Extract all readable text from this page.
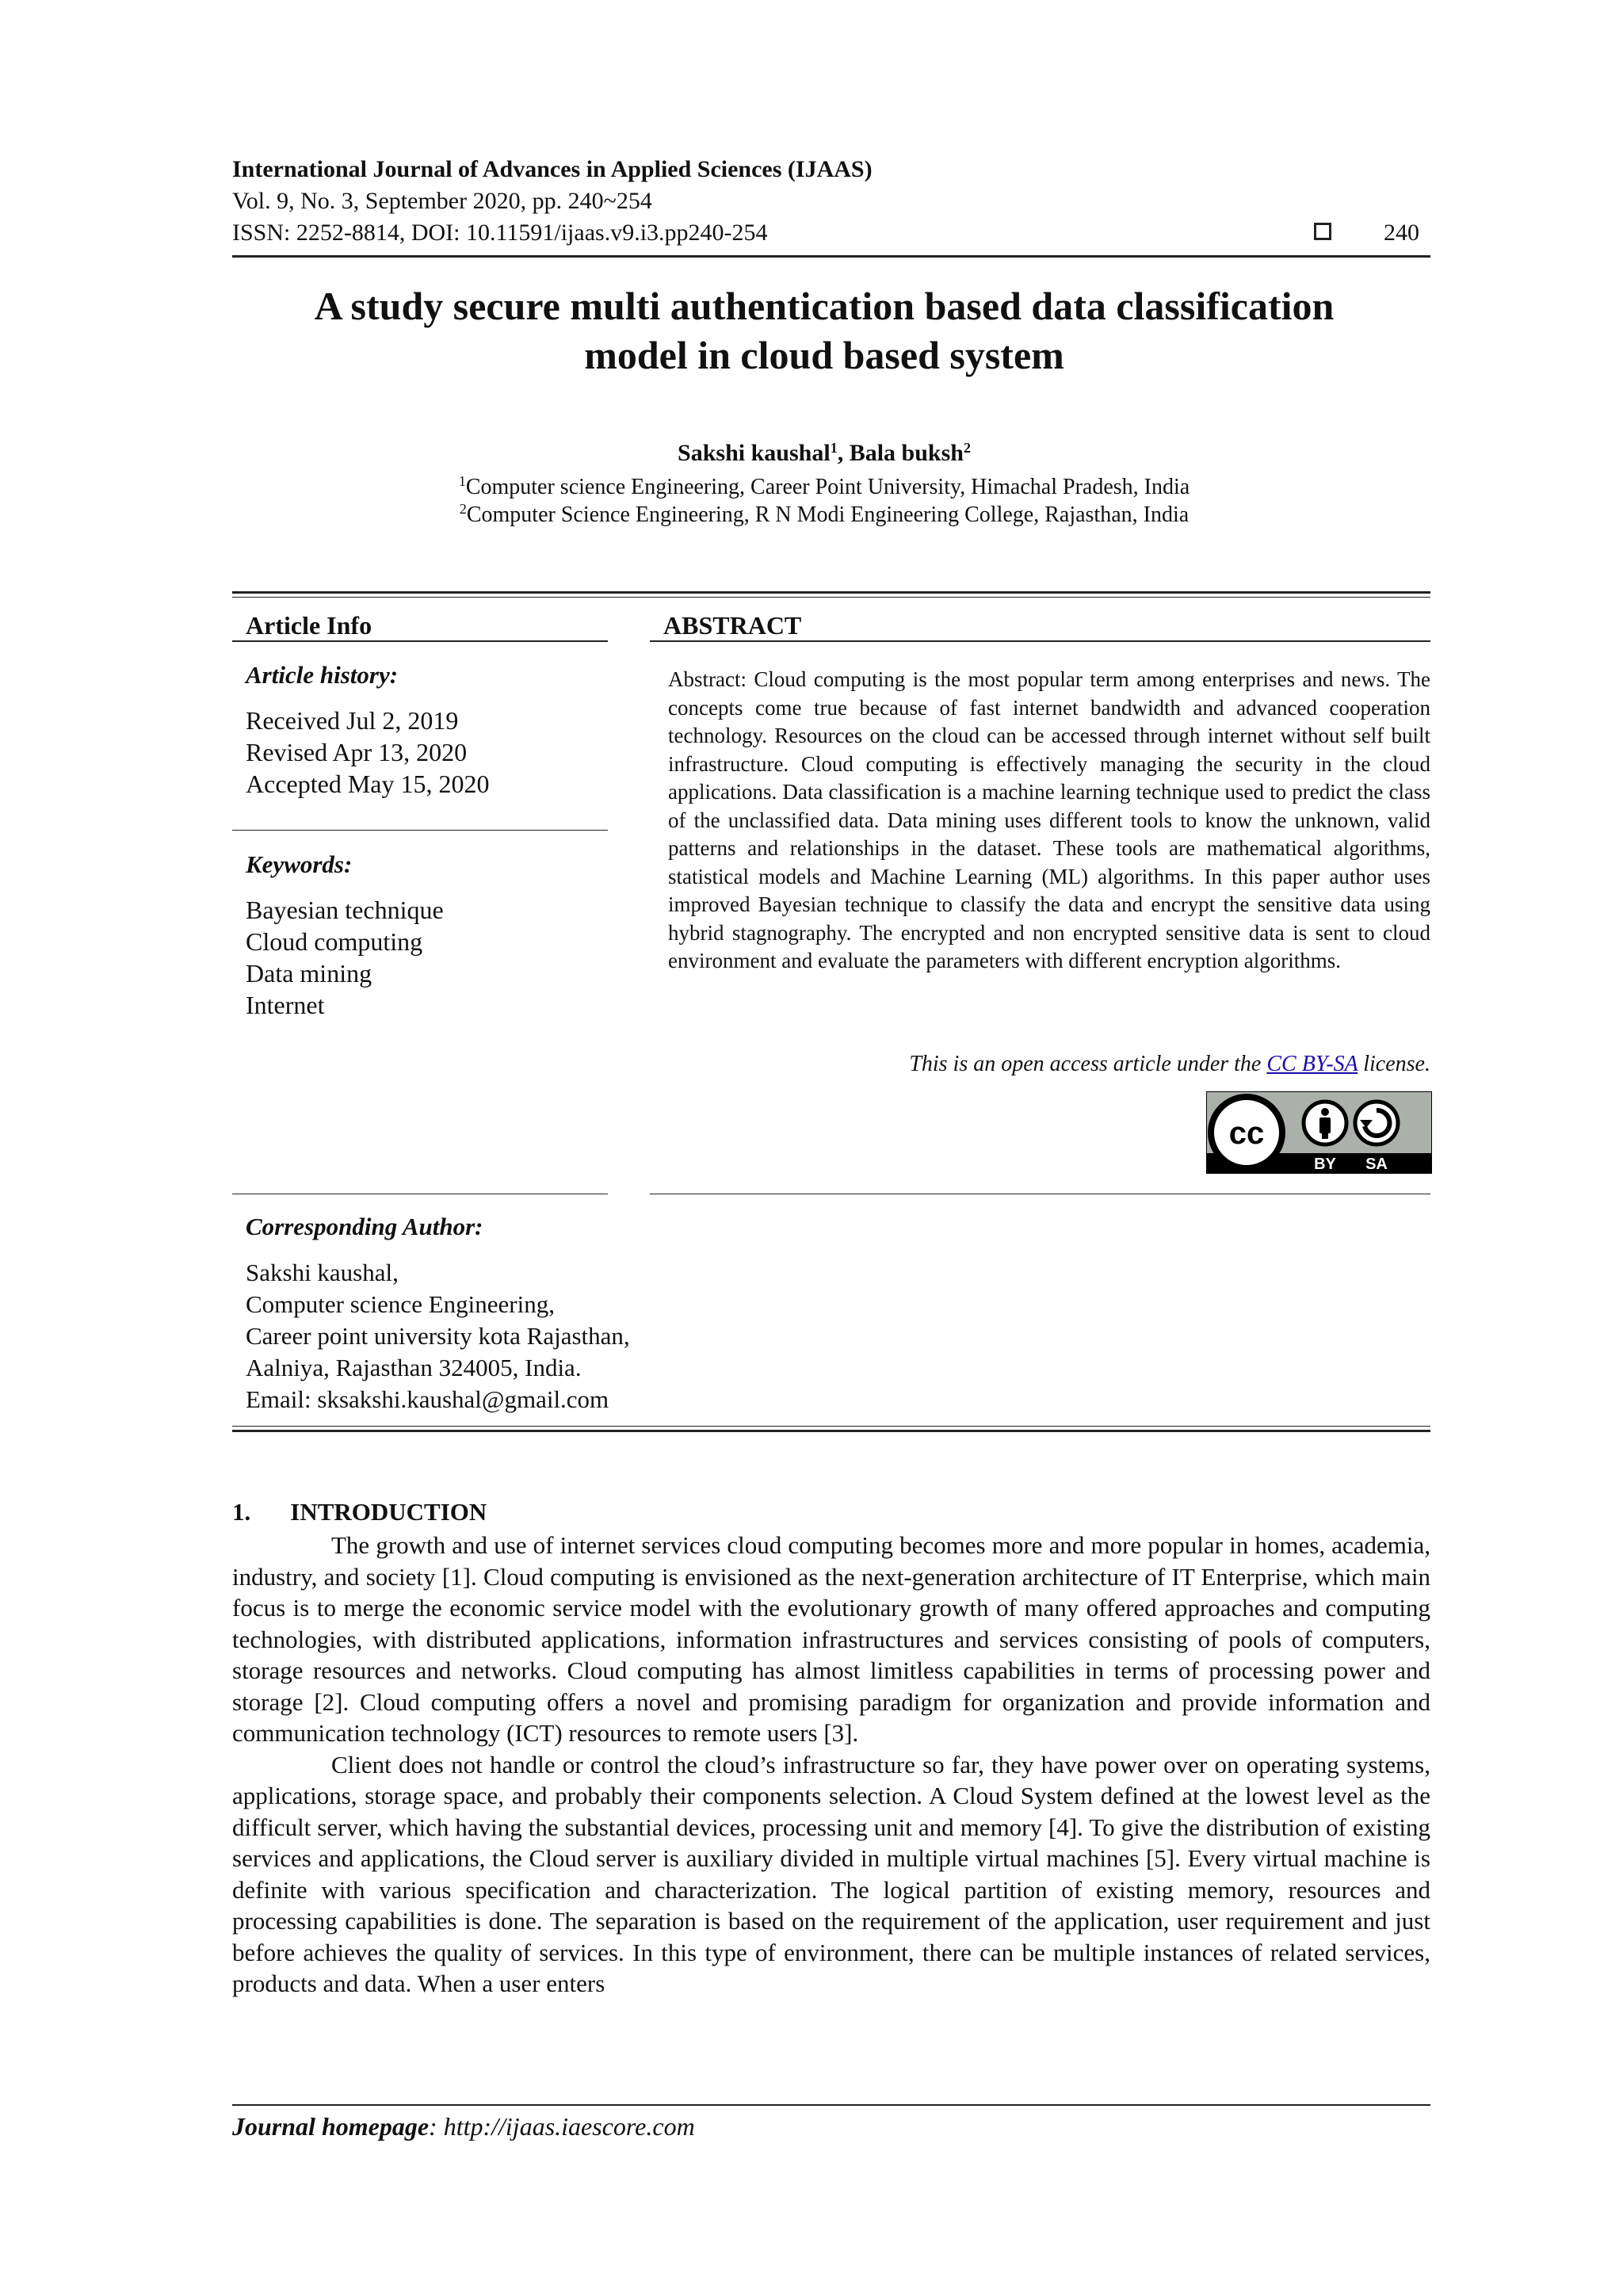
International Journal of Advances in Applied Sciences (IJAAS)
Vol. 9, No. 3, September 2020, pp. 240~254
ISSN: 2252-8814, DOI: 10.11591/ijaas.v9.i3.pp240-254	240
A study secure multi authentication based data classification
model in cloud based system
Sakshi kaushal$^1$, Bala buksh$^2$
$^1$Computer science Engineering, Career Point University, Himachal Pradesh, India
$^2$Computer Science Engineering, R N Modi Engineering College, Rajasthan, India
Article Info
Article history:
Received Jul 2, 2019
Revised Apr 13, 2020
Accepted May 15, 2020
Keywords:
Bayesian technique
Cloud computing
Data mining
Internet
ABSTRACT
Abstract: Cloud computing is the most popular term among enterprises and news. The concepts come true because of fast internet bandwidth and advanced cooperation technology. Resources on the cloud can be accessed through internet without self built infrastructure. Cloud computing is effectively managing the security in the cloud applications. Data classification is a machine learning technique used to predict the class of the unclassified data. Data mining uses different tools to know the unknown, valid patterns and relationships in the dataset. These tools are mathematical algorithms, statistical models and Machine Learning (ML) algorithms. In this paper author uses improved Bayesian technique to classify the data and encrypt the sensitive data using hybrid stagnography. The encrypted and non encrypted sensitive data is sent to cloud environment and evaluate the parameters with different encryption algorithms.
This is an open access article under the CC BY-SA license.
cc
BY SA
Corresponding Author:
Sakshi kaushal,
Computer science Engineering,
Career point university kota Rajasthan,
Aalniya, Rajasthan 324005, India.
Email: sksakshi.kaushal@gmail.com
1. INTRODUCTION

The growth and use of internet services cloud computing becomes more and more popular in homes, academia, industry, and society [1]. Cloud computing is envisioned as the next-generation architecture of IT Enterprise, which main focus is to merge the economic service model with the evolutionary growth of many offered approaches and computing technologies, with distributed applications, information infrastructures and services consisting of pools of computers, storage resources and networks. Cloud computing has almost limitless capabilities in terms of processing power and storage [2]. Cloud computing offers a novel and promising paradigm for organization and provide information and communication technology (ICT) resources to remote users [3].

Client does not handle or control the cloud’s infrastructure so far, they have power over on operating systems, applications, storage space, and probably their components selection. A Cloud System defined at the lowest level as the difficult server, which having the substantial devices, processing unit and memory [4]. To give the distribution of existing services and applications, the Cloud server is auxiliary divided in multiple virtual machines [5]. Every virtual machine is definite with various specification and characterization. The logical partition of existing memory, resources and processing capabilities is done. The separation is based on the requirement of the application, user requirement and just before achieves the quality of services. In this type of environment, there can be multiple instances of related services, products and data. When a user enters

Journal homepage: http://ijaas.iaescore.com
